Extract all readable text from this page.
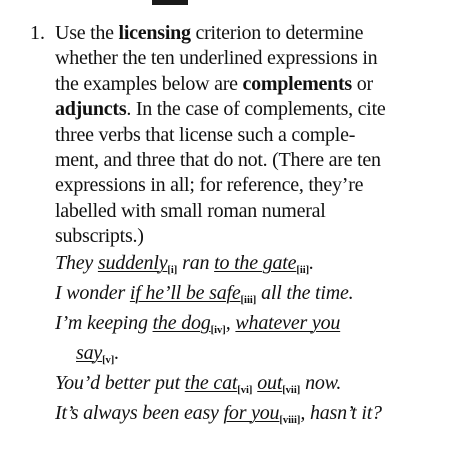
1. Use the licensing criterion to determine
whether the ten underlined expressions in
the examples below are complements or
adjuncts. In the case of complements, cite
three verbs that license such a comple-
ment, and three that do not. (There are ten
expressions in all; for reference, they’re
labelled with small roman numeral
subscripts.)
They suddenly$_{[i]}$ ran to the gate$_{[ii]}$.
I wonder if he’ll be safe$_{[iii]}$ all the time.
I’m keeping the dog$_{[iv]}$, whatever you
say$_{[v]}$.
You’d better put the cat$_{[vi]}$ out$_{[vii]}$ now.
It’s always been easy for you$_{[viii]}$, hasn’t it?
